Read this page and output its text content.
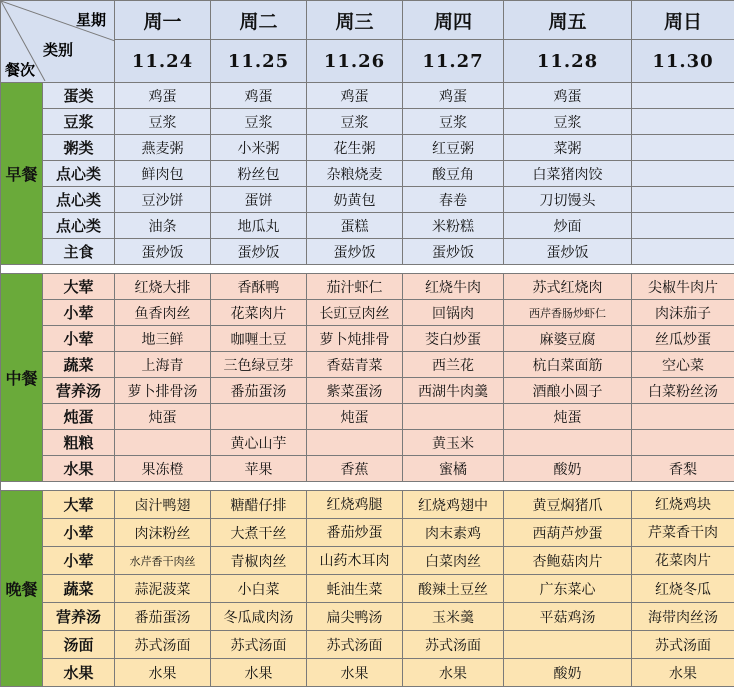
星期
类别
餐次		周一	周二	周三	周四	周五	周日
		11.24	11.25	11.26	11.27	11.28	11.30
早餐	蛋类	鸡蛋	鸡蛋	鸡蛋	鸡蛋	鸡蛋	
	豆浆	豆浆	豆浆	豆浆	豆浆	豆浆	
	粥类	燕麦粥	小米粥	花生粥	红豆粥	菜粥	
	点心类	鲜肉包	粉丝包	杂粮烧麦	酸豆角	白菜猪肉饺	
	点心类	豆沙饼	蛋饼	奶黄包	春卷	刀切馒头	
	点心类	油条	地瓜丸	蛋糕	米粉糕	炒面	
	主食	蛋炒饭	蛋炒饭	蛋炒饭	蛋炒饭	蛋炒饭	

中餐	大荤	红烧大排	香酥鸭	茄汁虾仁	红烧牛肉	苏式红烧肉	尖椒牛肉片
	小荤	鱼香肉丝	花菜肉片	长豇豆肉丝	回锅肉	西芹香肠炒虾仁	肉沫茄子
	小荤	地三鲜	咖喱土豆	萝卜炖排骨	茭白炒蛋	麻婆豆腐	丝瓜炒蛋
	蔬菜	上海青	三色绿豆芽	香菇青菜	西兰花	杭白菜面筋	空心菜
	营养汤	萝卜排骨汤	番茄蛋汤	紫菜蛋汤	西湖牛肉羹	酒酿小圆子	白菜粉丝汤
	炖蛋	炖蛋		炖蛋		炖蛋	
	粗粮		黄心山芋		黄玉米		
	水果	果冻橙	苹果	香蕉	蜜橘	酸奶	香梨

晚餐	大荤	卤汁鸭翅	糖醋仔排	红烧鸡腿	红烧鸡翅中	黄豆焖猪爪	红烧鸡块

	小荤	肉沫粉丝	大煮干丝	番茄炒蛋	肉末素鸡	西葫芦炒蛋	芹菜香干肉

	小荤	水芹香干肉丝	青椒肉丝	山药木耳肉	白菜肉丝	杏鲍菇肉片	花菜肉片

	蔬菜	蒜泥菠菜	小白菜	蚝油生菜	酸辣土豆丝	广东菜心	红烧冬瓜
	营养汤	番茄蛋汤	冬瓜咸肉汤	扁尖鸭汤	玉米羹	平菇鸡汤	海带肉丝汤
	汤面	苏式汤面	苏式汤面	苏式汤面	苏式汤面		苏式汤面
	水果	水果	水果	水果	水果	酸奶	水果
